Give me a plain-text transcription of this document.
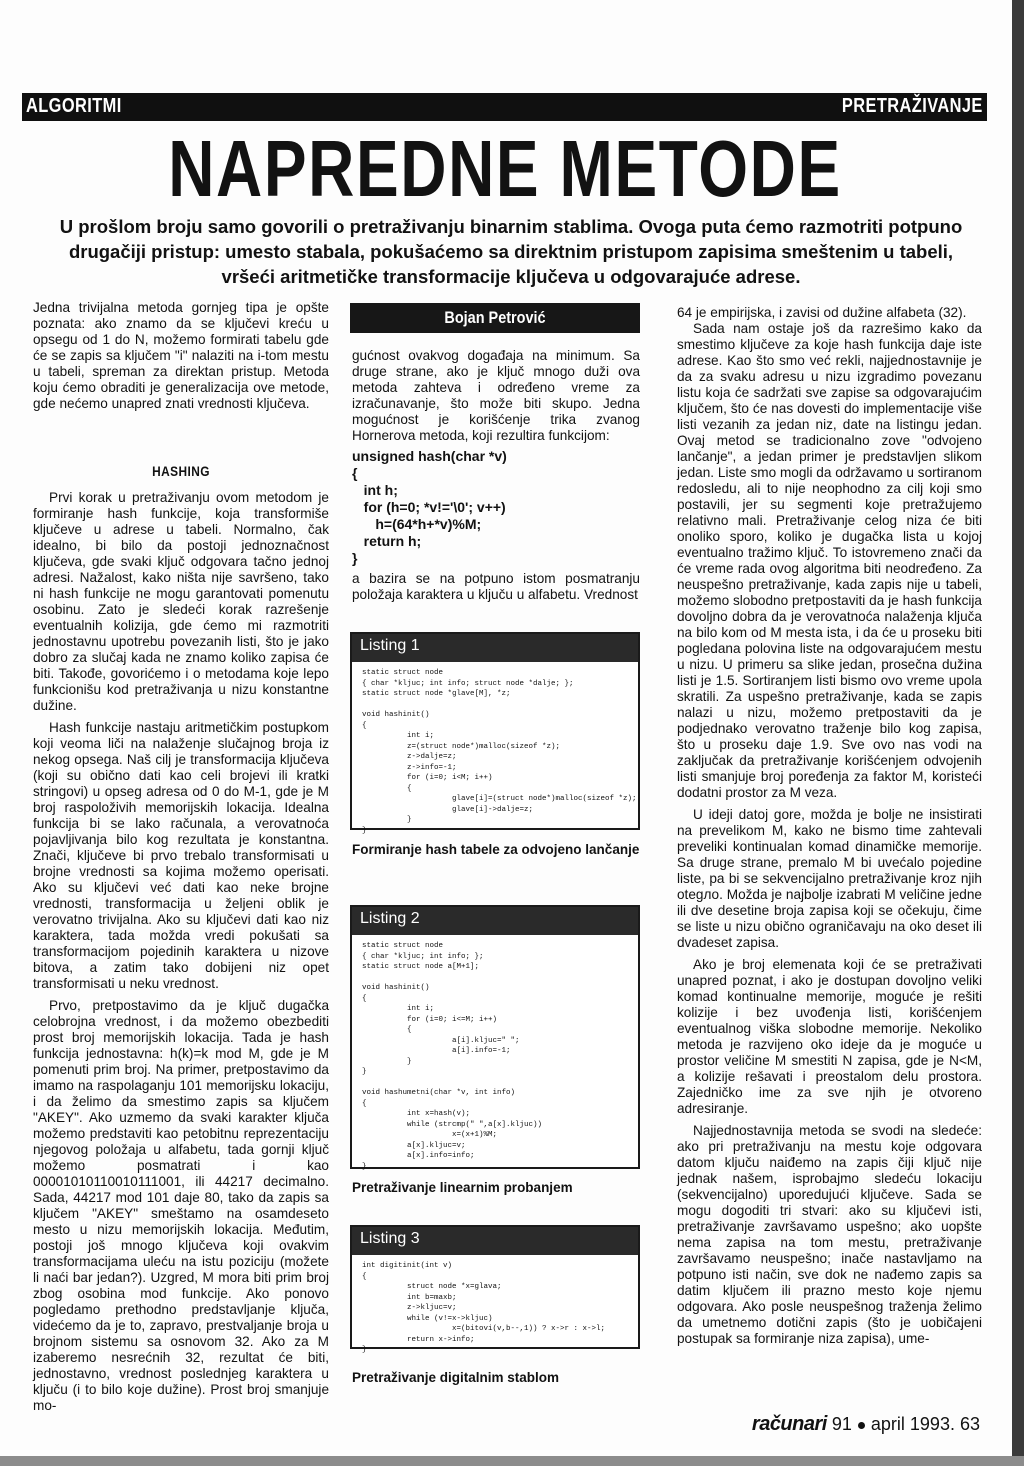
ALGORITMI	PRETRAŽIVANJE
NAPREDNE METODE
U prošlom broju samo govorili o pretraživanju binarnim stablima. Ovoga puta ćemo razmotriti potpuno drugačiji pristup: umesto stabala, pokušaćemo sa direktnim pristupom zapisima smeštenim u tabeli, vršeći aritmetičke transformacije ključeva u odgovarajuće adrese.

Jedna trivijalna metoda gornjeg tipa je opšte poznata: ako znamo da se ključevi kreću u opsegu od 1 do N, možemo formirati tabelu gde će se zapis sa ključem "i" nalaziti na i-tom mestu u tabeli, spreman za direktan pristup. Metoda koju ćemo obraditi je generalizacija ove metode, gde nećemo unapred znati vrednosti ključeva.

HASHING

Prvi korak u pretraživanju ovom metodom je formiranje hash funkcije, koja transformiše ključeve u adrese u tabeli. Normalno, čak idealno, bi bilo da postoji jednoznačnost ključeva, gde svaki ključ odgovara tačno jednoj adresi. Nažalost, kako ništa nije savršeno, tako ni hash funkcije ne mogu garantovati pomenutu osobinu. Zato je sledeći korak razrešenje eventualnih kolizija, gde ćemo mi razmotriti jednostavnu upotrebu povezanih listi, što je jako dobro za slučaj kada ne znamo koliko zapisa će biti. Takođe, govorićemo i o metodama koje lepo funkcionišu kod pretraživanja u nizu konstantne dužine.

Hash funkcije nastaju aritmetičkim postupkom koji veoma liči na nalaženje slučajnog broja iz nekog opsega. Naš cilj je transformacija ključeva (koji su obično dati kao celi brojevi ili kratki stringovi) u opseg adresa od 0 do M-1, gde je M broj raspoloživih memorijskih lokacija. Idealna funkcija bi se lako računala, a verovatnoća pojavljivanja bilo kog rezultata je konstantna. Znači, ključeve bi prvo trebalo transformisati u brojne vrednosti sa kojima možemo operisati. Ako su ključevi već dati kao neke brojne vrednosti, transformacija u željeni oblik je verovatno trivijalna. Ako su ključevi dati kao niz karaktera, tada možda vredi pokušati sa transformacijom pojedinih karaktera u nizove bitova, a zatim tako dobijeni niz opet transformisati u neku vrednost.

Prvo, pretpostavimo da je ključ dugačka celobrojna vrednost, i da možemo obezbediti prost broj memorijskih lokacija. Tada je hash funkcija jednostavna: h(k)=k mod M, gde je M pomenuti prim broj. Na primer, pretpostavimo da imamo na raspolaganju 101 memorijsku lokaciju, i da želimo da smestimo zapis sa ključem "AKEY". Ako uzmemo da svaki karakter ključa možemo predstaviti kao petobitnu reprezentaciju njegovog položaja u alfabetu, tada gornji ključ možemo posmatrati i kao 00001010110010111001, ili 44217 decimalno. Sada, 44217 mod 101 daje 80, tako da zapis sa ključem "AKEY" smeštamo na osamdeseto mesto u nizu memorijskih lokacija. Međutim, postoji još mnogo ključeva koji ovakvim transformacijama uleću na istu poziciju (možete li naći bar jedan?). Uzgred, M mora biti prim broj zbog osobina mod funkcije. Ako ponovo pogledamo prethodno predstavljanje ključa, videćemo da je to, zapravo, prestvaljanje broja u brojnom sistemu sa osnovom 32. Ako za M izaberemo nesrećnih 32, rezultat će biti, jednostavno, vrednost poslednjeg karaktera u ključu (i to bilo koje dužine). Prost broj smanjuje mo-

Bojan Petrović

gućnost ovakvog događaja na minimum. Sa druge strane, ako je ključ mnogo duži ova metoda zahteva i određeno vreme za izračunavanje, što može biti skupo. Jedna mogućnost je korišćenje trika zvanog Hornerova metoda, koji rezultira funkcijom:

unsigned hash(char *v)
{
int h;
for (h=0; *v!='\0'; v++)
h=(64*h+*v)%M;
return h;
}

a bazira se na potpuno istom posmatranju položaja karaktera u ključu u alfabetu. Vrednost

Listing 1
static struct node
{ char *kljuc; int info; struct node *dalje; };
static struct node *glave[M], *z;

void hashinit()
{
int i;
z=(struct node*)malloc(sizeof *z);
z->dalje=z;
z->info=-1;
for (i=0; i<M; i++)
{
glave[i]=(struct node*)malloc(sizeof *z);
glave[i]->dalje=z;
}
}
Formiranje hash tabele za odvojeno lančanje
Listing 2
static struct node
{ char *kljuc; int info; };
static struct node a[M+1];

void hashinit()
{
int i;
for (i=0; i<=M; i++)
{
a[i].kljuc=" ";
a[i].info=-1;
}
}

void hashumetni(char *v, int info)
{
int x=hash(v);
while (strcmp(" ",a[x].kljuc))
x=(x+1)%M;
a[x].kljuc=v;
a[x].info=info;
}
Pretraživanje linearnim probanjem
Listing 3
int digitinit(int v)
{
struct node *x=glava;
int b=maxb;
z->kljuc=v;
while (v!=x->kljuc)
x=(bitovi(v,b--,1)) ? x->r : x->l;
return x->info;
}
Pretraživanje digitalnim stablom

64 je empirijska, i zavisi od dužine alfabeta (32).

Sada nam ostaje još da razrešimo kako da smestimo ključeve za koje hash funkcija daje iste adrese. Kao što smo već rekli, najjednostavnije je da za svaku adresu u nizu izgradimo povezanu listu koja će sadržati sve zapise sa odgovarajućim ključem, što će nas dovesti do implementacije više listi vezanih za jedan niz, date na listingu jedan. Ovaj metod se tradicionalno zove "odvojeno lančanje", a jedan primer je predstavljen slikom jedan. Liste smo mogli da održavamo u sortiranom redosledu, ali to nije neophodno za cilj koji smo postavili, jer su segmenti koje pretražujemo relativno mali. Pretraživanje celog niza će biti onoliko sporo, koliko je dugačka lista u kojoj eventualno tražimo ključ. To istovremeno znači da će vreme rada ovog algoritma biti neodređeno. Za neuspešno pretraživanje, kada zapis nije u tabeli, možemo slobodno pretpostaviti da je hash funkcija dovoljno dobra da je verovatnoća nalaženja ključa na bilo kom od M mesta ista, i da će u proseku biti pogledana polovina liste na odgovarajućem mestu u nizu. U primeru sa slike jedan, prosečna dužina listi je 1.5. Sortiranjem listi bismo ovo vreme upola skratili. Za uspešno pretraživanje, kada se zapis nalazi u nizu, možemo pretpostaviti da je podjednako verovatno traženje bilo kog zapisa, što u proseku daje 1.9. Sve ovo nas vodi na zaključak da pretraživanje korišćenjem odvojenih listi smanjuje broj poređenja za faktor M, koristeći dodatni prostor za M veza.

U ideji datoj gore, možda je bolje ne insistirati na prevelikom M, kako ne bismo time zahtevali preveliki kontinualan komad dinamičke memorije. Sa druge strane, premalo M bi uvećalo pojedine liste, pa bi se sekvencijalno pretraživanje kroz njih otegло. Možda je najbolje izabrati M veličine jedne ili dve desetine broja zapisa koji se očekuju, čime se liste u nizu obično ograničavaju na oko deset ili dvadeset zapisa.

Ako je broj elemenata koji će se pretraživati unapred poznat, i ako je dostupan dovoljno veliki komad kontinualne memorije, moguće je rešiti kolizije i bez uvođenja listi, korišćenjem eventualnog viška slobodne memorije. Nekoliko metoda je razvijeno oko ideje da je moguće u prostor veličine M smestiti N zapisa, gde je N<M, a kolizije rešavati i preostalom delu prostora. Zajedničko ime za sve njih je otvoreno adresiranje.

Najjednostavnija metoda se svodi na sledeće: ako pri pretraživanju na mestu koje odgovara datom ključu naiđemo na zapis čiji ključ nije jednak našem, isprobajmo sledeću lokaciju (sekvencijalno) uporeduјući ključeve. Sada se mogu dogoditi tri stvari: ako su ključevi isti, pretraživanje završavamo uspešno; ako uopšte nema zapisa na tom mestu, pretraživanje završavamo neuspešno; inače nastavljamo na potpuno isti način, sve dok ne nađemo zapis sa datim ključem ili prazno mesto koje njemu odgovara. Ako posle neuspešnog traženja želimo da umetnemo dotični zapis (što je uobičajeni postupak sa formiranje niza zapisa), ume-

računari 91 april 1993. 63
